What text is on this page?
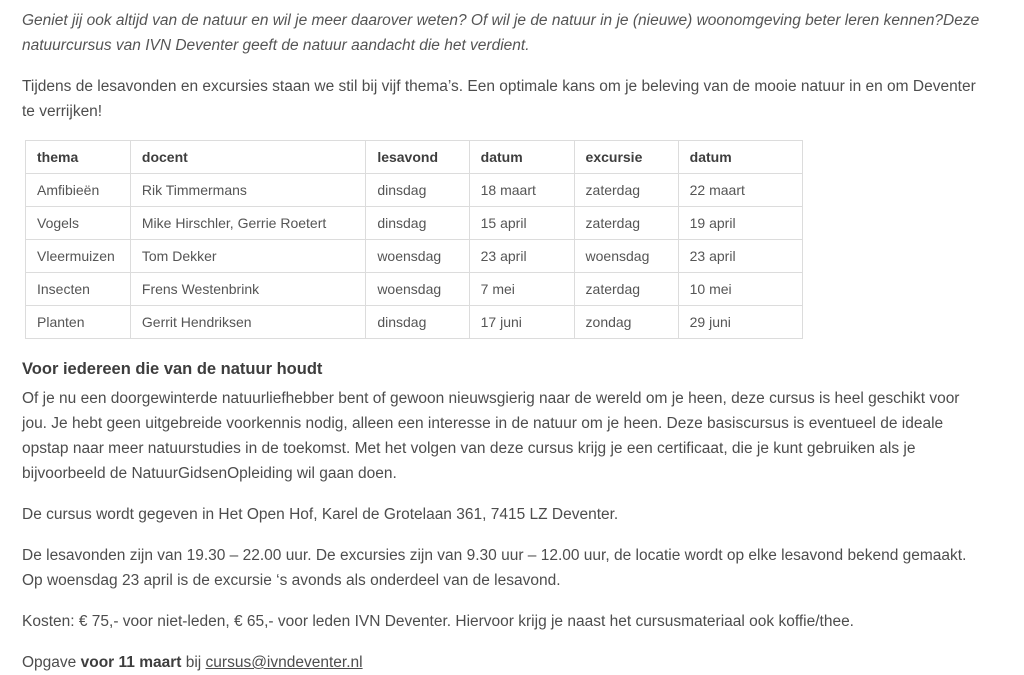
Geniet jij ook altijd van de natuur en wil je meer daarover weten? Of wil je de natuur in je (nieuwe) woonomgeving beter leren kennen?Deze natuurcursus van IVN Deventer geeft de natuur aandacht die het verdient.

Tijdens de lesavonden en excursies staan we stil bij vijf thema’s. Een optimale kans om je beleving van de mooie natuur in en om Deventer te verrijken!

thema	docent	lesavond	datum	excursie	datum
Amfibieën	Rik Timmermans	dinsdag	18 maart	zaterdag	22 maart
Vogels	Mike Hirschler, Gerrie Roetert	dinsdag	15 april	zaterdag	19 april
Vleermuizen	Tom Dekker	woensdag	23 april	woensdag	23 april
Insecten	Frens Westenbrink	woensdag	7 mei	zaterdag	10 mei
Planten	Gerrit Hendriksen	dinsdag	17 juni	zondag	29 juni
Voor iedereen die van de natuur houdt

Of je nu een doorgewinterde natuurliefhebber bent of gewoon nieuwsgierig naar de wereld om je heen, deze cursus is heel geschikt voor jou. Je hebt geen uitgebreide voorkennis nodig, alleen een interesse in de natuur om je heen. Deze basiscursus is eventueel de ideale opstap naar meer natuurstudies in de toekomst. Met het volgen van deze cursus krijg je een certificaat, die je kunt gebruiken als je bijvoorbeeld de NatuurGidsenOpleiding wil gaan doen.

De cursus wordt gegeven in Het Open Hof, Karel de Grotelaan 361, 7415 LZ Deventer.

De lesavonden zijn van 19.30 – 22.00 uur. De excursies zijn van 9.30 uur – 12.00 uur, de locatie wordt op elke lesavond bekend gemaakt. Op woensdag 23 april is de excursie ‘s avonds als onderdeel van de lesavond.

Kosten: € 75,- voor niet-leden, € 65,- voor leden IVN Deventer. Hiervoor krijg je naast het cursusmateriaal ook koffie/thee.

Opgave voor 11 maart bij cursus@ivndeventer.nl
